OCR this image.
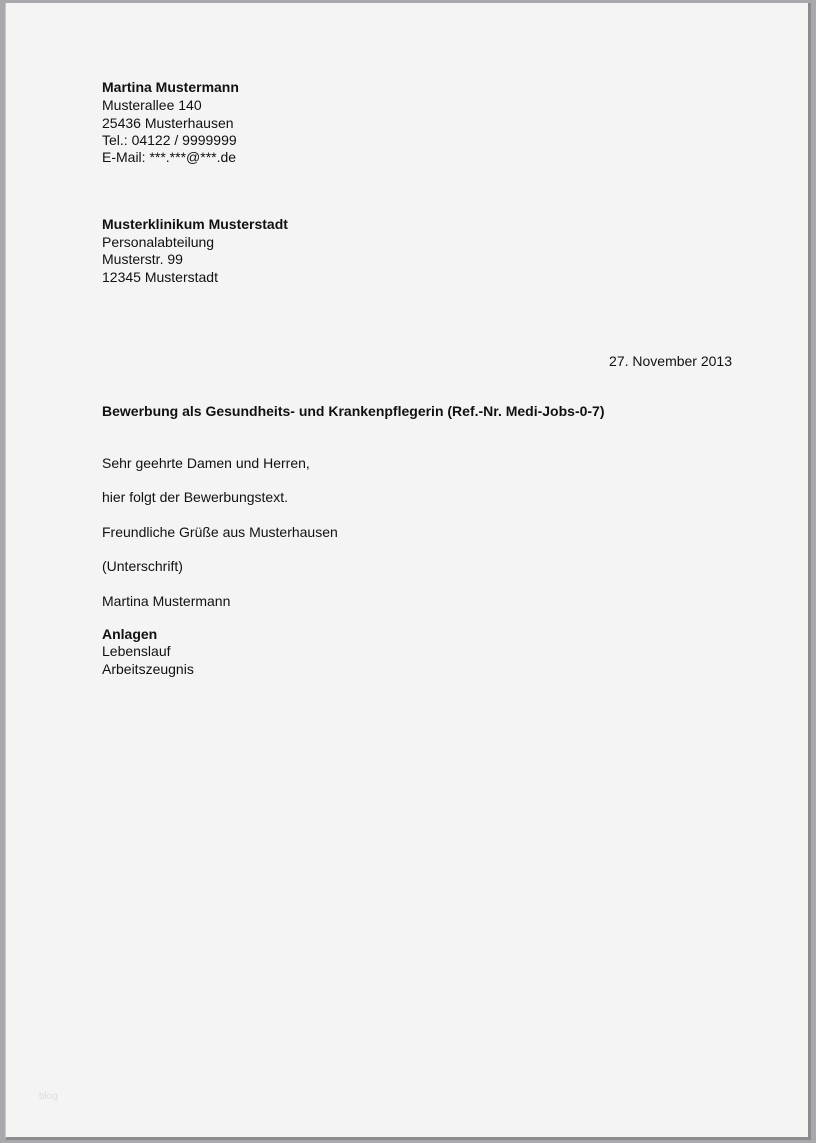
Martina Mustermann
Musterallee 140
25436 Musterhausen
Tel.: 04122 / 9999999
E-Mail: ***.***@***.de
Musterklinikum Musterstadt
Personalabteilung
Musterstr. 99
12345 Musterstadt
27. November 2013
Bewerbung als Gesundheits- und Krankenpflegerin (Ref.-Nr. Medi-Jobs-0-7)
Sehr geehrte Damen und Herren,
hier folgt der Bewerbungstext.
Freundliche Grüße aus Musterhausen
(Unterschrift)
Martina Mustermann
Anlagen
Lebenslauf
Arbeitszeugnis
blog
